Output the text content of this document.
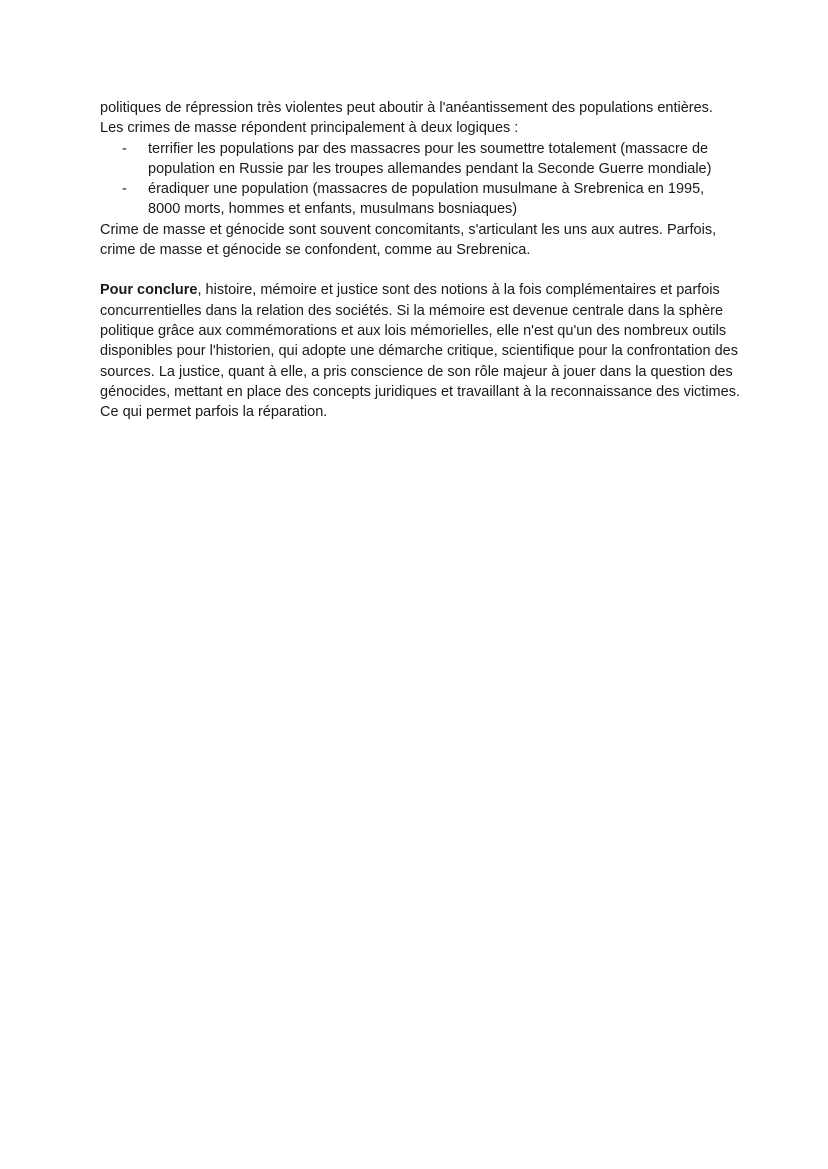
politiques de répression très violentes peut aboutir à l'anéantissement des populations entières. Les crimes de masse répondent principalement à deux logiques :

- terrifier les populations par des massacres pour les soumettre totalement (massacre de population en Russie par les troupes allemandes pendant la Seconde Guerre mondiale)
- éradiquer une population (massacres de population musulmane à Srebrenica en 1995, 8000 morts, hommes et enfants, musulmans bosniaques)

Crime de masse et génocide sont souvent concomitants, s'articulant les uns aux autres. Parfois, crime de masse et génocide se confondent, comme au Srebrenica.

Pour conclure, histoire, mémoire et justice sont des notions à la fois complémentaires et parfois concurrentielles dans la relation des sociétés. Si la mémoire est devenue centrale dans la sphère politique grâce aux commémorations et aux lois mémorielles, elle n'est qu'un des nombreux outils disponibles pour l'historien, qui adopte une démarche critique, scientifique pour la confrontation des sources. La justice, quant à elle, a pris conscience de son rôle majeur à jouer dans la question des génocides, mettant en place des concepts juridiques et travaillant à la reconnaissance des victimes. Ce qui permet parfois la réparation.
